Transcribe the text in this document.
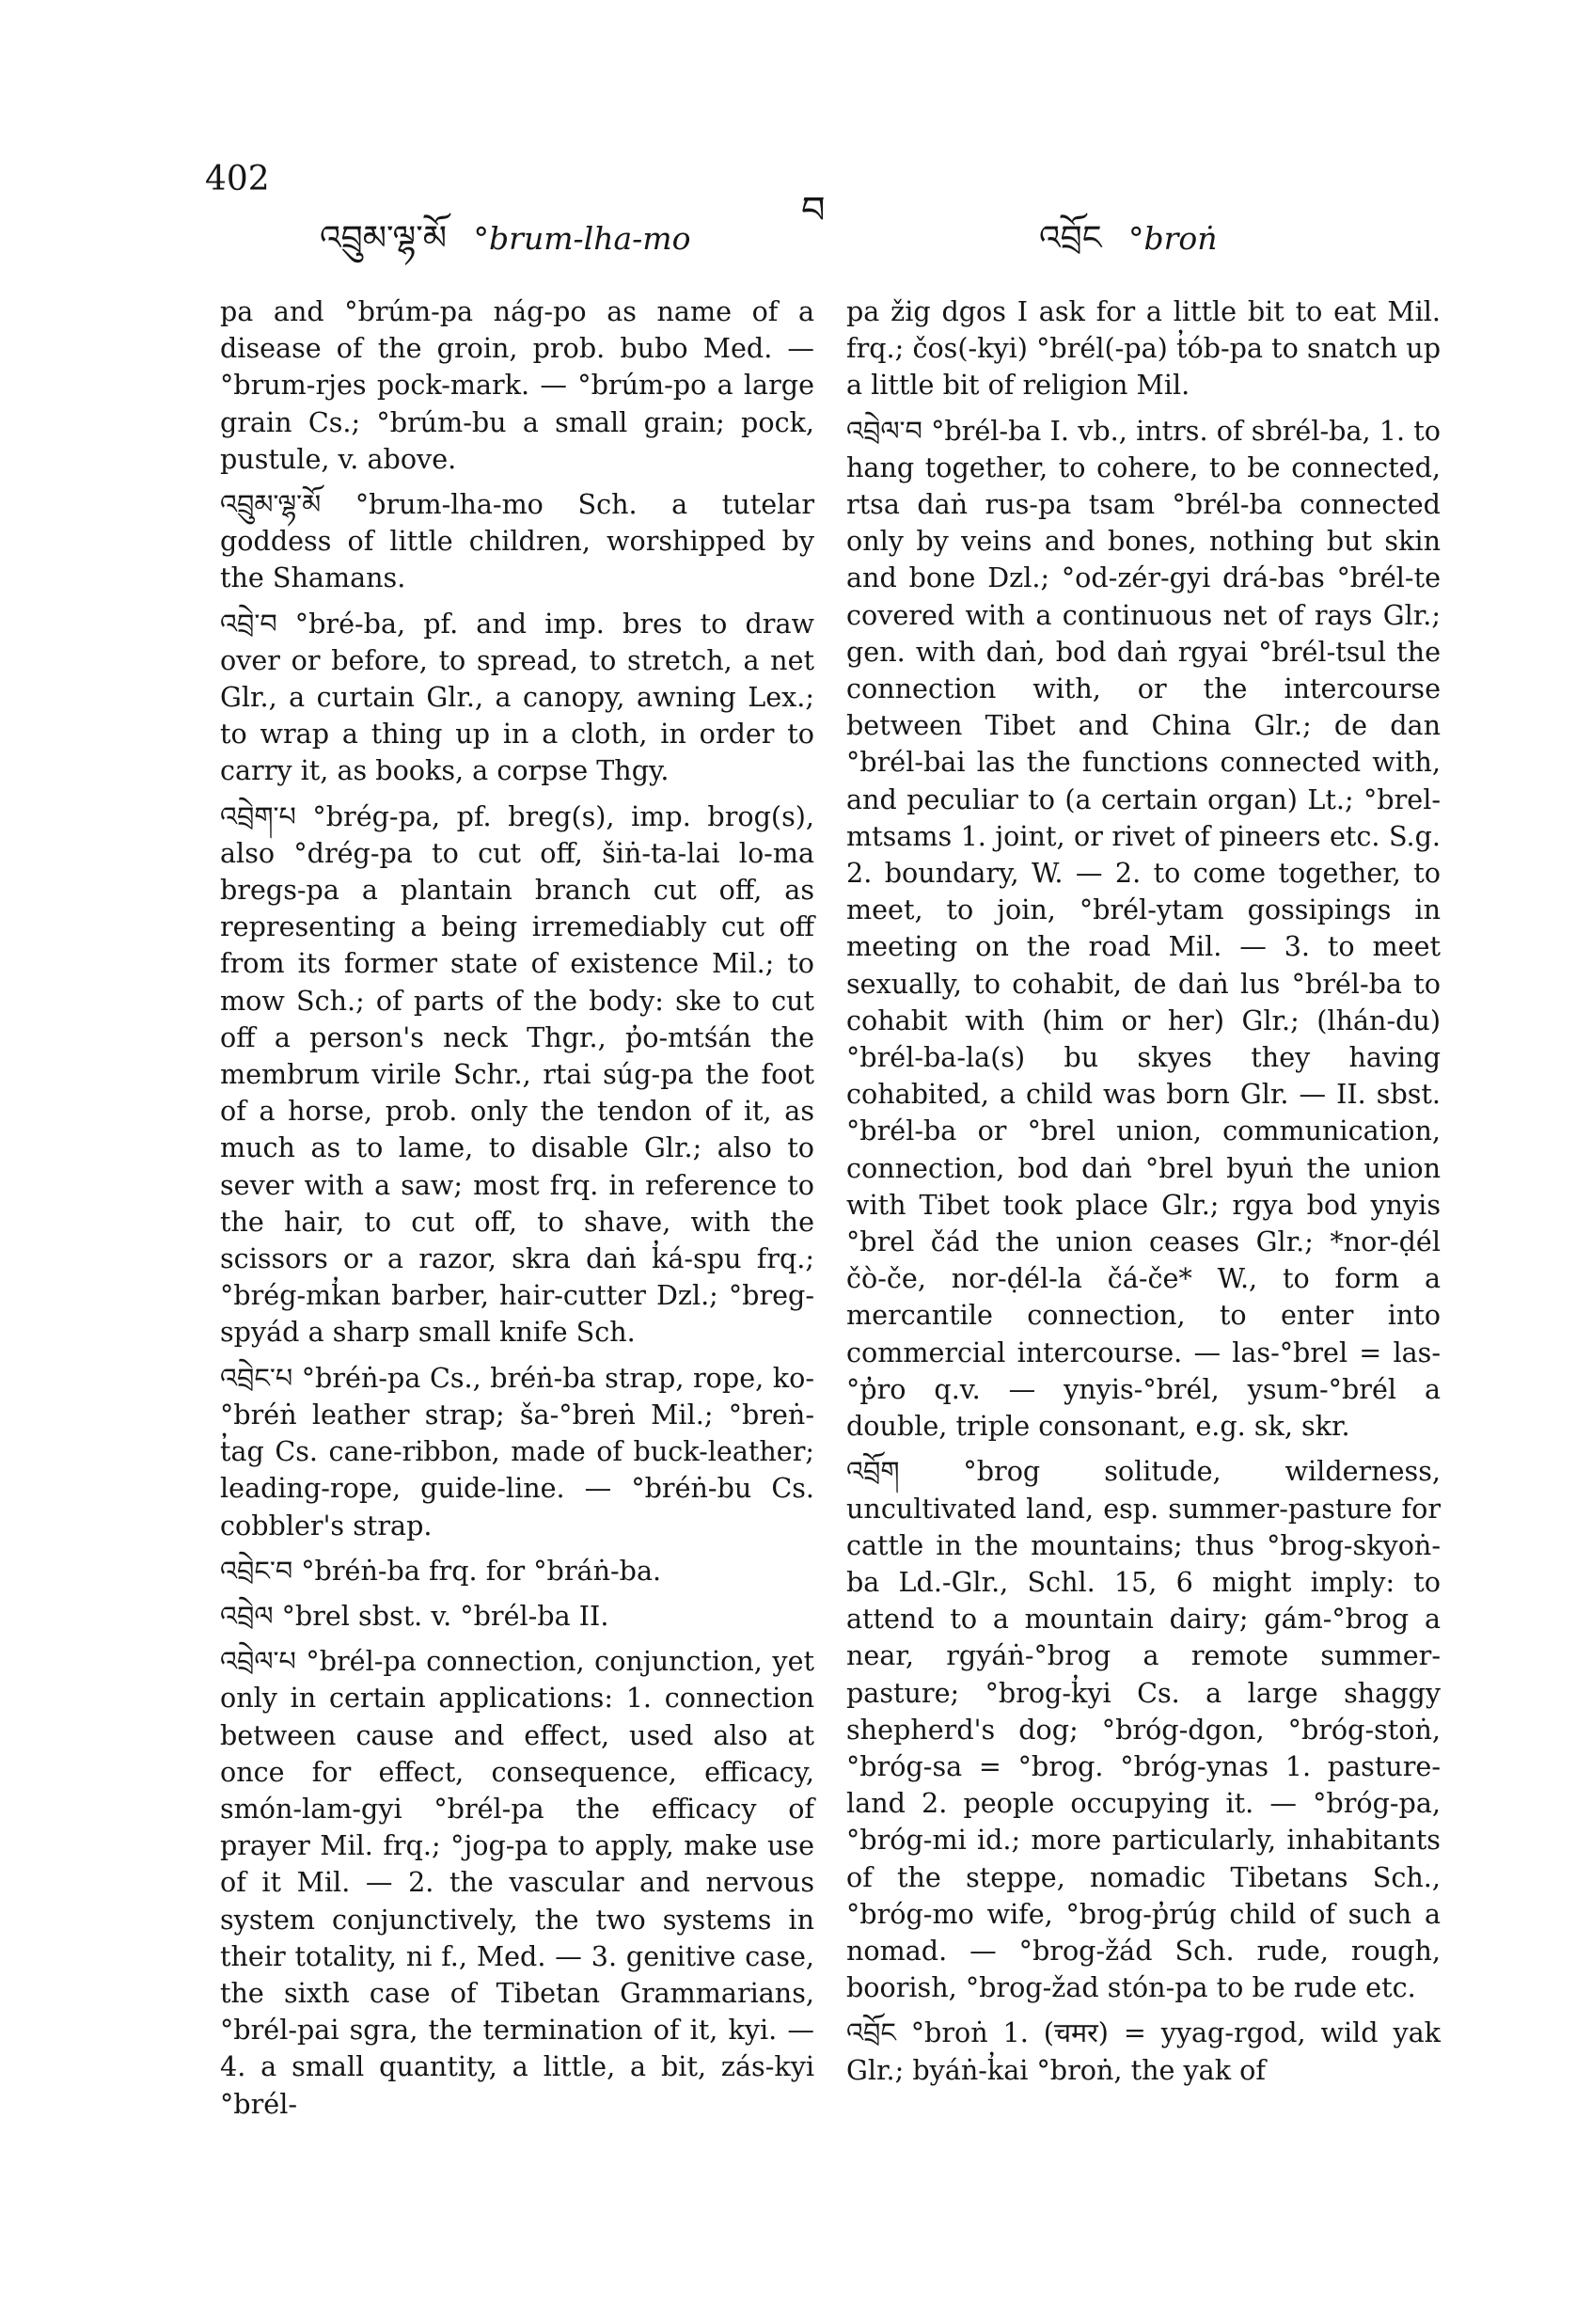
402
འབྲུམ་ལྷ་མོ °brum-lha-mo
བ
འབྲོང °broṅ

pa and °brúm-pa nág-po as name of a disease of the groin, prob. bubo Med. — °brum-rjes pock-mark. — °brúm-po a large grain Cs.; °brúm-bu a small grain; pock, pustule, v. above.

འབྲུམ་ལྷ་མོ °brum-lha-mo Sch. a tutelar goddess of little children, worshipped by the Shamans.

འབྲེ་བ °bré-ba, pf. and imp. bres to draw over or before, to spread, to stretch, a net Glr., a curtain Glr., a canopy, awning Lex.; to wrap a thing up in a cloth, in order to carry it, as books, a corpse Thgy.

འབྲེག་པ °brég-pa, pf. breg(s), imp. brog(s), also °drég-pa to cut off, šiṅ-ta-lai lo-ma bregs-pa a plantain branch cut off, as representing a being irremediably cut off from its former state of existence Mil.; to mow Sch.; of parts of the body: ske to cut off a person's neck Thgr., p̓o-mtśán the membrum virile Schr., rtai súg-pa the foot of a horse, prob. only the tendon of it, as much as to lame, to disable Glr.; also to sever with a saw; most frq. in reference to the hair, to cut off, to shave, with the scissors or a razor, skra daṅ k̓á-spu frq.; °brég-mk̓an barber, hair-cutter Dzl.; °breg-spyád a sharp small knife Sch.

འབྲེང་པ °bréṅ-pa Cs., bréṅ-ba strap, rope, ko-°bréṅ leather strap; ša-°breṅ Mil.; °breṅ-t̓ag Cs. cane-ribbon, made of buck-leather; leading-rope, guide-line. — °bréṅ-bu Cs. cobbler's strap.

འབྲེང་བ °bréṅ-ba frq. for °bráṅ-ba.

འབྲེལ °brel sbst. v. °brél-ba II.

འབྲེལ་པ °brél-pa connection, conjunction, yet only in certain applications: 1. connection between cause and effect, used also at once for effect, consequence, efficacy, smón-lam-gyi °brél-pa the efficacy of prayer Mil. frq.; °jog-pa to apply, make use of it Mil. — 2. the vascular and nervous system conjunctively, the two systems in their totality, ni f., Med. — 3. genitive case, the sixth case of Tibetan Grammarians, °brél-pai sgra, the termination of it, kyi. — 4. a small quantity, a little, a bit, zás-kyi °brél-

pa žig dgos I ask for a little bit to eat Mil. frq.; čos(-kyi) °brél(-pa) t̓ób-pa to snatch up a little bit of religion Mil.

འབྲེལ་བ °brél-ba I. vb., intrs. of sbrél-ba, 1. to hang together, to cohere, to be connected, rtsa daṅ rus-pa tsam °brél-ba connected only by veins and bones, nothing but skin and bone Dzl.; °od-zér-gyi drá-bas °brél-te covered with a continuous net of rays Glr.; gen. with daṅ, bod daṅ rgyai °brél-tsul the connection with, or the intercourse between Tibet and China Glr.; de dan °brél-bai las the functions connected with, and peculiar to (a certain organ) Lt.; °brel-mtsams 1. joint, or rivet of pineers etc. S.g. 2. boundary, W. — 2. to come together, to meet, to join, °brél-ytam gossipings in meeting on the road Mil. — 3. to meet sexually, to cohabit, de daṅ lus °brél-ba to cohabit with (him or her) Glr.; (lhán-du) °brél-ba-la(s) bu skyes they having cohabited, a child was born Glr. — II. sbst. °brél-ba or °brel union, communication, connection, bod daṅ °brel byuṅ the union with Tibet took place Glr.; rgya bod ynyis °brel čád the union ceases Glr.; *nor-ḍél čò-če, nor-ḍél-la čá-če* W., to form a mercantile connection, to enter into commercial intercourse. — las-°brel = las-°p̓ro q.v. — ynyis-°brél, ysum-°brél a double, triple consonant, e.g. sk, skr.

འབྲོག °brog solitude, wilderness, uncultivated land, esp. summer-pasture for cattle in the mountains; thus °brog-skyoṅ-ba Ld.-Glr., Schl. 15, 6 might imply: to attend to a mountain dairy; gám-°brog a near, rgyáṅ-°brog a remote summer-pasture; °brog-k̓yi Cs. a large shaggy shepherd's dog; °bróg-dgon, °bróg-stoṅ, °bróg-sa = °brog. °bróg-ynas 1. pasture-land 2. people occupying it. — °bróg-pa, °bróg-mi id.; more particularly, inhabitants of the steppe, nomadic Tibetans Sch., °bróg-mo wife, °brog-p̓rúg child of such a nomad. — °brog-žád Sch. rude, rough, boorish, °brog-žad stón-pa to be rude etc.

འབྲོང °broṅ 1. (चमर) = yyag-rgod, wild yak Glr.; byáṅ-k̓ai °broṅ, the yak of
